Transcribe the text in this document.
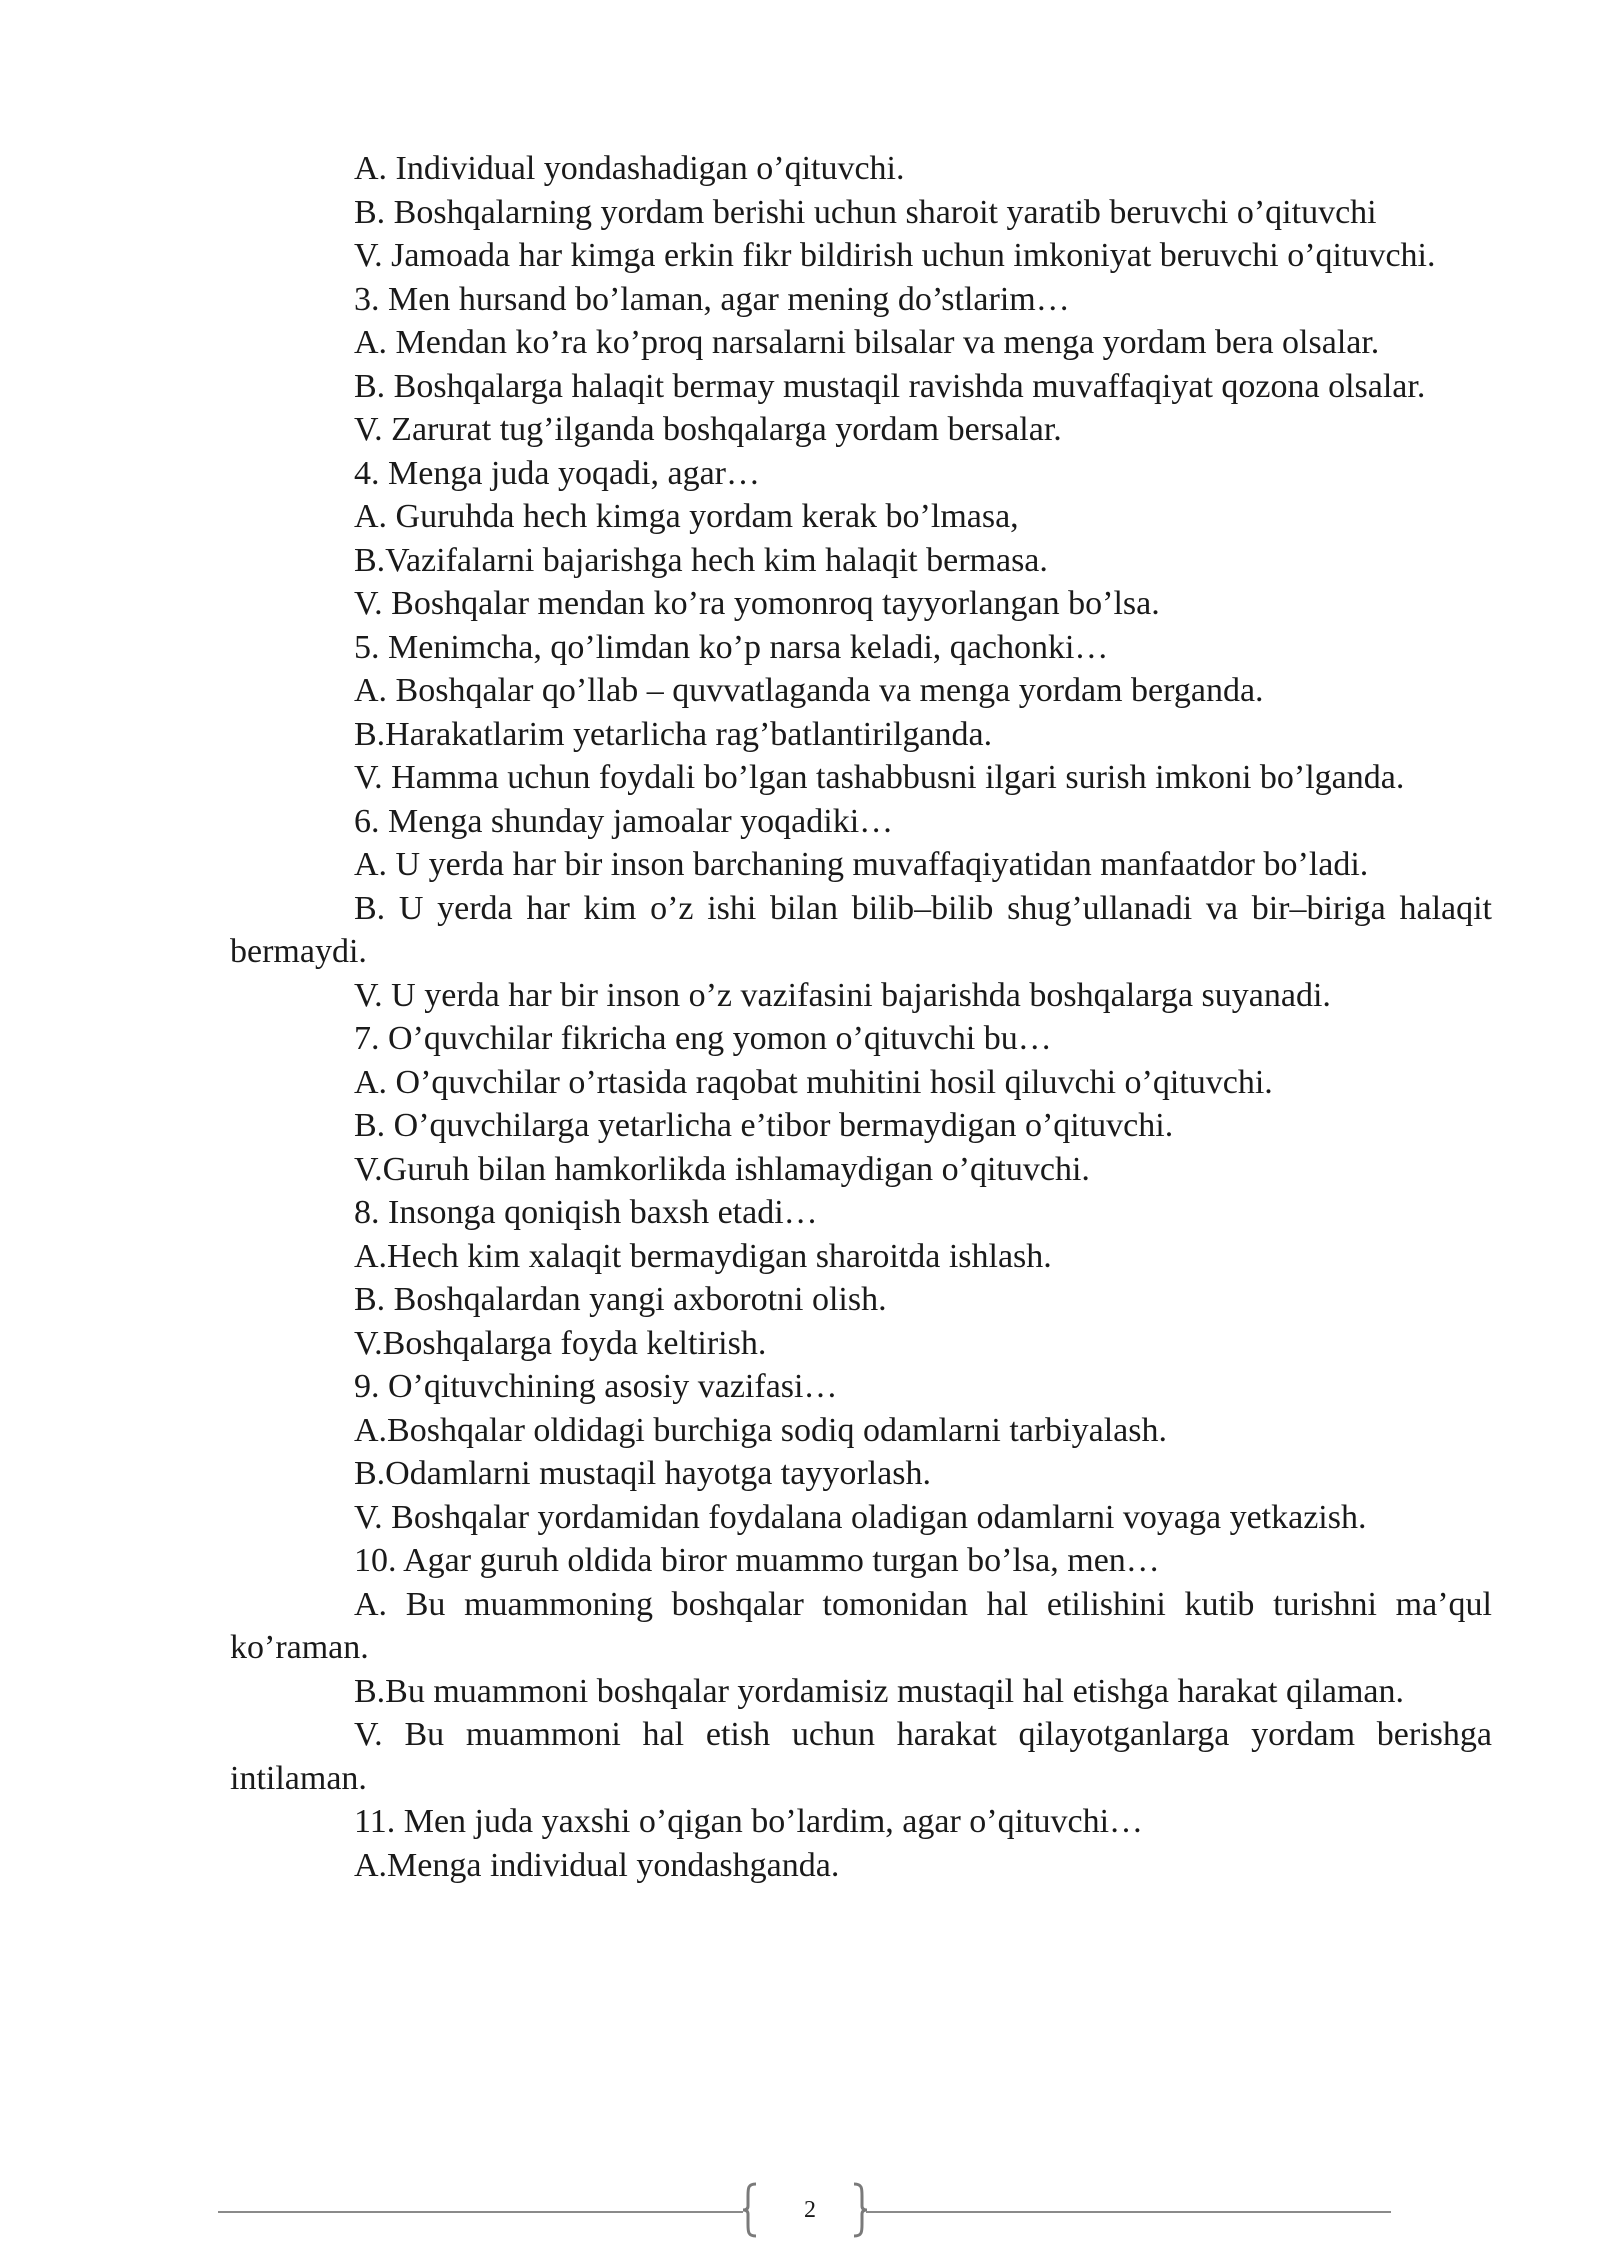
A. Individual yondashadigan o’qituvchi.

B. Boshqalarning yordam berishi uchun sharoit yaratib beruvchi o’qituvchi

V. Jamoada har kimga erkin fikr bildirish uchun imkoniyat beruvchi o’qituvchi.

3. Men hursand bo’laman, agar mening do’stlarim…

A. Mendan ko’ra ko’proq narsalarni bilsalar va menga yordam bera olsalar.

B. Boshqalarga halaqit bermay mustaqil ravishda muvaffaqiyat qozona olsalar.

V. Zarurat tug’ilganda boshqalarga yordam bersalar.

4. Menga juda yoqadi, agar…

A. Guruhda hech kimga yordam kerak bo’lmasa,

B.Vazifalarni bajarishga hech kim halaqit bermasa.

V. Boshqalar mendan ko’ra yomonroq tayyorlangan bo’lsa.

5. Menimcha, qo’limdan ko’p narsa keladi, qachonki…

A. Boshqalar qo’llab – quvvatlaganda va menga yordam berganda.

B.Harakatlarim yetarlicha rag’batlantirilganda.

V. Hamma uchun foydali bo’lgan tashabbusni ilgari surish imkoni bo’lganda.

6. Menga shunday jamoalar yoqadiki…

A. U yerda har bir inson barchaning muvaffaqiyatidan manfaatdor bo’ladi.

B. U yerda har kim o’z ishi bilan bilib–bilib shug’ullanadi va bir–biriga halaqit bermaydi.

V. U yerda har bir inson o’z vazifasini bajarishda boshqalarga suyanadi.

7. O’quvchilar fikricha eng yomon o’qituvchi bu…

A. O’quvchilar o’rtasida raqobat muhitini hosil qiluvchi o’qituvchi.

B. O’quvchilarga yetarlicha e’tibor bermaydigan o’qituvchi.

V.Guruh bilan hamkorlikda ishlamaydigan o’qituvchi.

8. Insonga qoniqish baxsh etadi…

A.Hech kim xalaqit bermaydigan sharoitda ishlash.

B. Boshqalardan yangi axborotni olish.

V.Boshqalarga foyda keltirish.

9. O’qituvchining asosiy vazifasi…

A.Boshqalar oldidagi burchiga sodiq odamlarni tarbiyalash.

B.Odamlarni mustaqil hayotga tayyorlash.

V. Boshqalar yordamidan foydalana oladigan odamlarni voyaga yetkazish.

10. Agar guruh oldida biror muammo turgan bo’lsa, men…

A. Bu muammoning boshqalar tomonidan hal etilishini kutib turishni ma’qul ko’raman.

B.Bu muammoni boshqalar yordamisiz mustaqil hal etishga harakat qilaman.

V. Bu muammoni hal etish uchun harakat qilayotganlarga yordam berishga intilaman.

11. Men juda yaxshi o’qigan bo’lardim, agar o’qituvchi…

A.Menga individual yondashganda.

2
